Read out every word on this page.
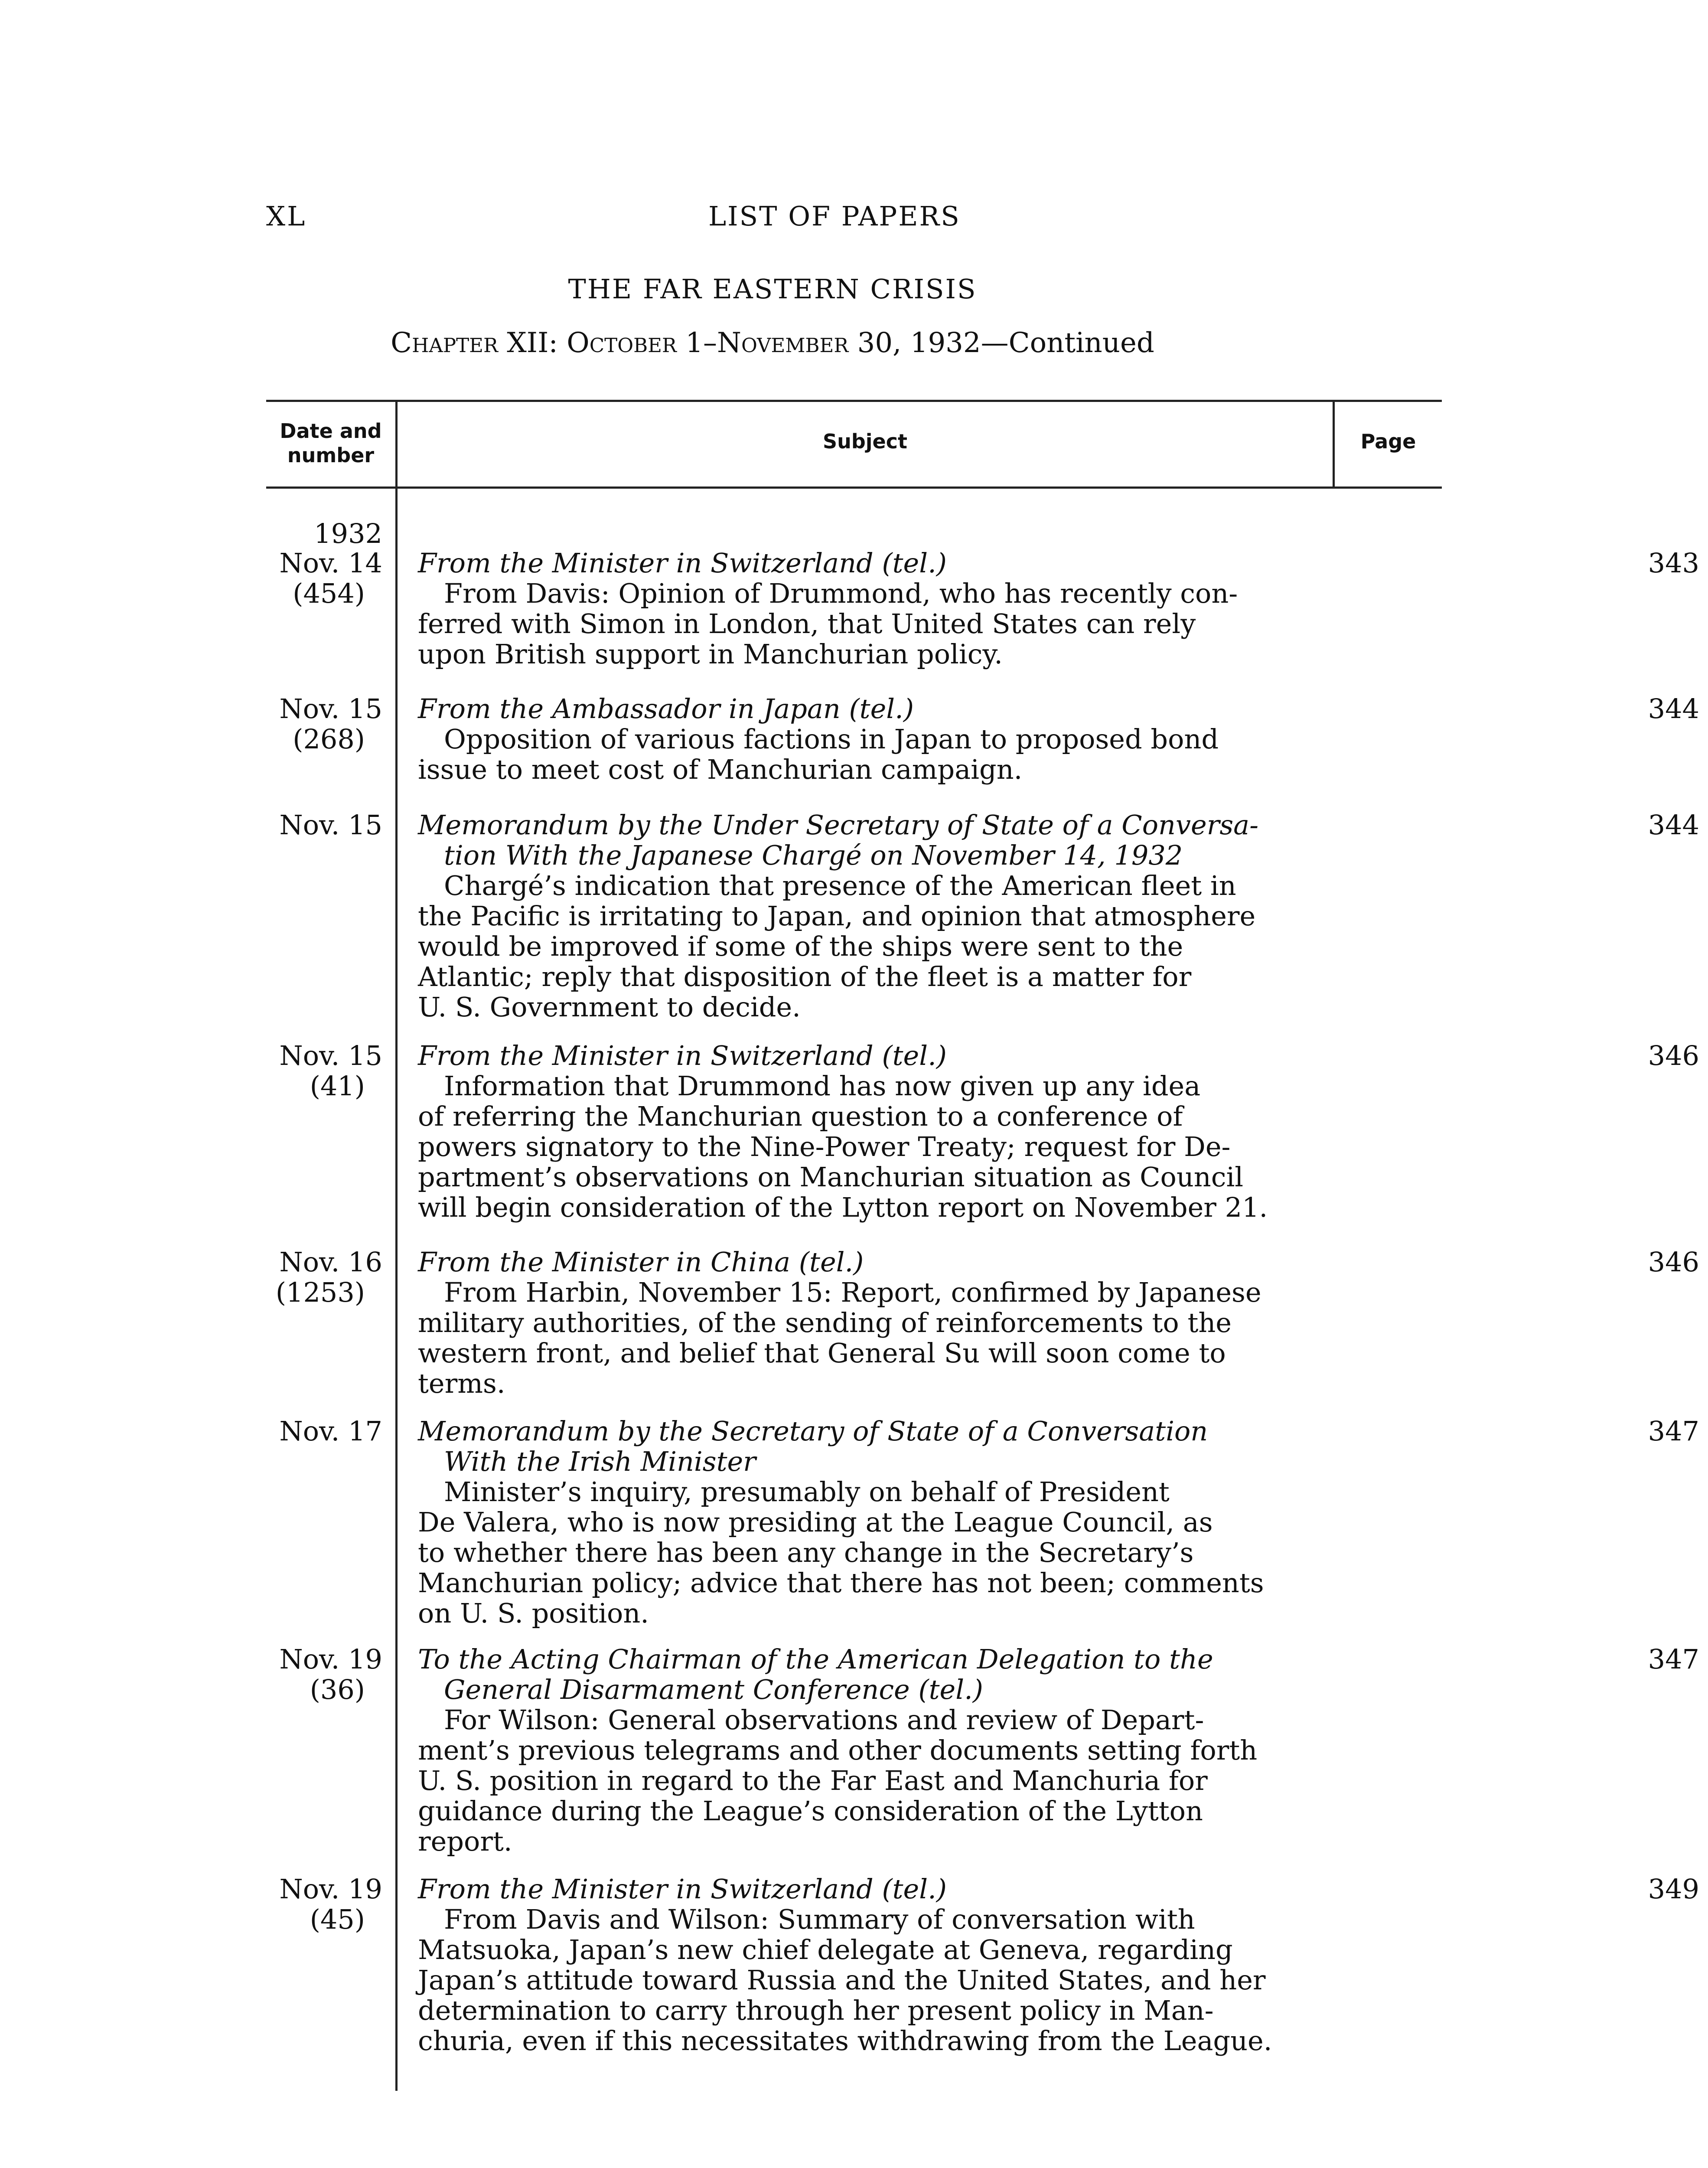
XL	LIST OF PAPERS
THE FAR EASTERN CRISIS
Chapter XII: October 1–November 30, 1932—Continued
Date and
number
Subject	Page
1932
Nov. 14
(454)
From the Minister in Switzerland (tel.)
From Davis: Opinion of Drummond, who has recently con-
ferred with Simon in London, that United States can rely
upon British support in Manchurian policy.
343
Nov. 15
(268)
From the Ambassador in Japan (tel.)
Opposition of various factions in Japan to proposed bond
issue to meet cost of Manchurian campaign.
344
Nov. 15 Memorandum by the Under Secretary of State of a Conversa-
tion With the Japanese Chargé on November 14, 1932
Chargé’s indication that presence of the American fleet in
the Pacific is irritating to Japan, and opinion that atmosphere
would be improved if some of the ships were sent to the
Atlantic; reply that disposition of the fleet is a matter for
U. S. Government to decide.
344
Nov. 15
(41)
From the Minister in Switzerland (tel.)
Information that Drummond has now given up any idea
of referring the Manchurian question to a conference of
powers signatory to the Nine-Power Treaty; request for De-
partment’s observations on Manchurian situation as Council
will begin consideration of the Lytton report on November 21.
346
Nov. 16
(1253)
From the Minister in China (tel.)
From Harbin, November 15: Report, confirmed by Japanese
military authorities, of the sending of reinforcements to the
western front, and belief that General Su will soon come to
terms.
346
Nov. 17 Memorandum by the Secretary of State of a Conversation
With the Irish Minister
Minister’s inquiry, presumably on behalf of President
De Valera, who is now presiding at the League Council, as
to whether there has been any change in the Secretary’s
Manchurian policy; advice that there has not been; comments
on U. S. position.
347
Nov. 19
(36)
To the Acting Chairman of the American Delegation to the
General Disarmament Conference (tel.)
For Wilson: General observations and review of Depart-
ment’s previous telegrams and other documents setting forth
U. S. position in regard to the Far East and Manchuria for
guidance during the League’s consideration of the Lytton
report.
347
Nov. 19
(45)
From the Minister in Switzerland (tel.)
From Davis and Wilson: Summary of conversation with
Matsuoka, Japan’s new chief delegate at Geneva, regarding
Japan’s attitude toward Russia and the United States, and her
determination to carry through her present policy in Man-
churia, even if this necessitates withdrawing from the League.
349
